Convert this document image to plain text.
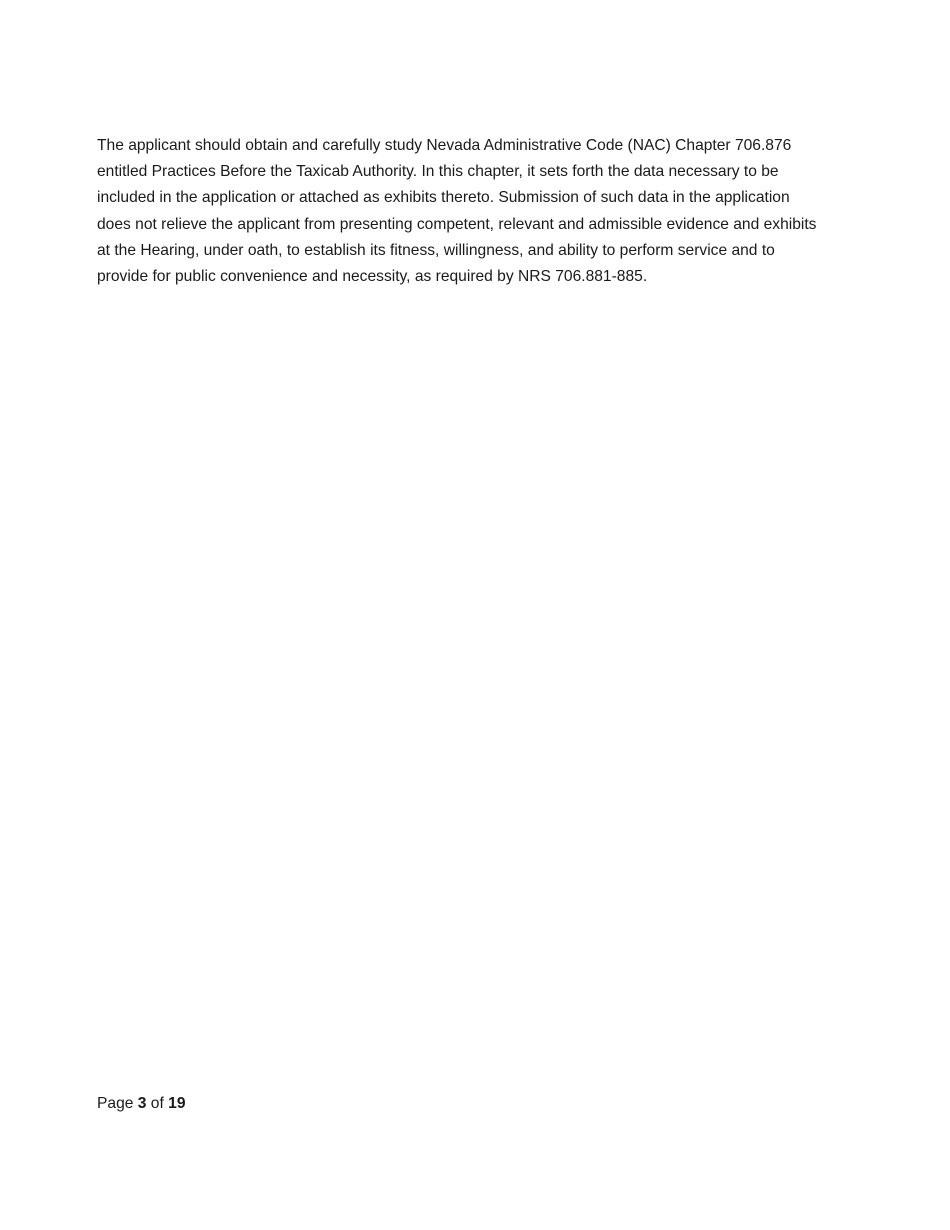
The applicant should obtain and carefully study Nevada Administrative Code (NAC) Chapter 706.876 entitled Practices Before the Taxicab Authority. In this chapter, it sets forth the data necessary to be included in the application or attached as exhibits thereto. Submission of such data in the application does not relieve the applicant from presenting competent, relevant and admissible evidence and exhibits at the Hearing, under oath, to establish its fitness, willingness, and ability to perform service and to provide for public convenience and necessity, as required by NRS 706.881-885.

Page 3 of 19
